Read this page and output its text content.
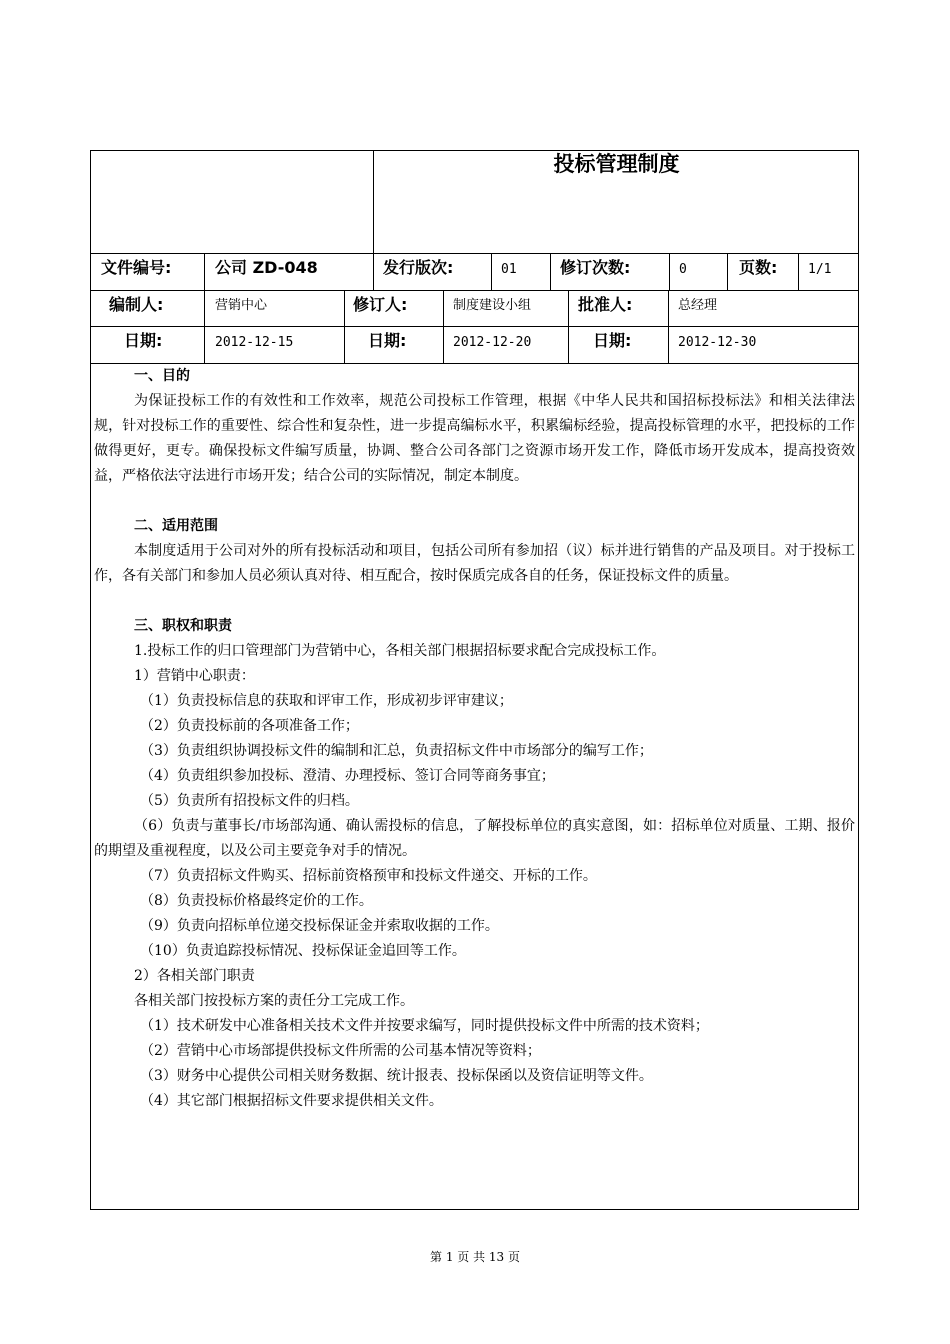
投标管理制度
文件编号:	公司 ZD-048	发行版次:	01	修订次数:	0	页数: 1/1
编制人:	营销中心	修订人:	制度建设小组	批准人:	总经理
日期:	2012-12-15	日期:	2012-12-20	日期:	2012-12-30

一、目的

为保证投标工作的有效性和工作效率，规范公司投标工作管理，根据《中华人民共和国招标投标法》和相关法律法规，针对投标工作的重要性、综合性和复杂性，进一步提高编标水平，积累编标经验，提高投标管理的水平，把投标的工作做得更好，更专。确保投标文件编写质量，协调、整合公司各部门之资源市场开发工作，降低市场开发成本，提高投资效益，严格依法守法进行市场开发；结合公司的实际情况，制定本制度。

二、适用范围

本制度适用于公司对外的所有投标活动和项目，包括公司所有参加招（议）标并进行销售的产品及项目。对于投标工作，各有关部门和参加人员必须认真对待、相互配合，按时保质完成各自的任务，保证投标文件的质量。

三、职权和职责

1.投标工作的归口管理部门为营销中心，各相关部门根据招标要求配合完成投标工作。

1）营销中心职责：

（1）负责投标信息的获取和评审工作，形成初步评审建议；

（2）负责投标前的各项准备工作；

（3）负责组织协调投标文件的编制和汇总，负责招标文件中市场部分的编写工作；

（4）负责组织参加投标、澄清、办理授标、签订合同等商务事宜；

（5）负责所有招投标文件的归档。

（6）负责与董事长/市场部沟通、确认需投标的信息，了解投标单位的真实意图，如：招标单位对质量、工期、报价的期望及重视程度，以及公司主要竞争对手的情况。

（7）负责招标文件购买、招标前资格预审和投标文件递交、开标的工作。

（8）负责投标价格最终定价的工作。

（9）负责向招标单位递交投标保证金并索取收据的工作。

（10）负责追踪投标情况、投标保证金追回等工作。

2）各相关部门职责

各相关部门按投标方案的责任分工完成工作。

（1）技术研发中心准备相关技术文件并按要求编写，同时提供投标文件中所需的技术资料；

（2）营销中心市场部提供投标文件所需的公司基本情况等资料；

（3）财务中心提供公司相关财务数据、统计报表、投标保函以及资信证明等文件。

（4）其它部门根据招标文件要求提供相关文件。

第 1 页 共 13 页
